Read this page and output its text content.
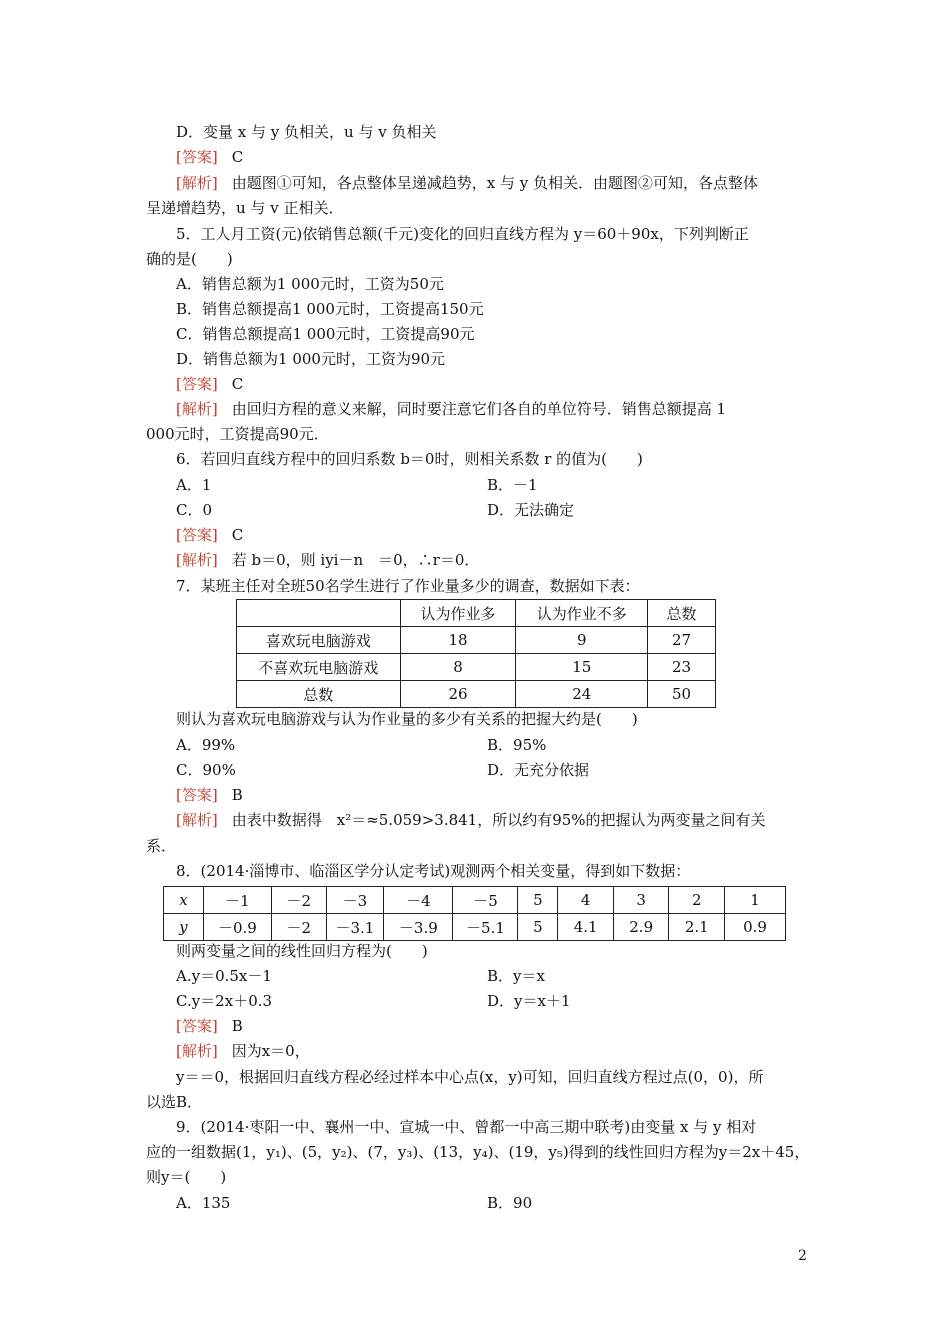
D．变量 x 与 y 负相关，u 与 v 负相关
[答案] C
[解析] 由题图①可知，各点整体呈递减趋势，x 与 y 负相关．由题图②可知，各点整体
呈递增趋势，u 与 v 正相关．
5．工人月工资(元)依销售总额(千元)变化的回归直线方程为 y＝60＋90x，下列判断正
确的是(　　)
A．销售总额为1 000元时，工资为50元
B．销售总额提高1 000元时，工资提高150元
C．销售总额提高1 000元时，工资提高90元
D．销售总额为1 000元时，工资为90元
[答案] C
[解析] 由回归方程的意义来解，同时要注意它们各自的单位符号．销售总额提高 1
000元时，工资提高90元．
6．若回归直线方程中的回归系数 b＝0时，则相关系数 r 的值为(　　)
A．1	B．－1
C．0	D．无法确定
[答案] C
[解析] 若 b＝0，则 iyi－n　＝0，∴r＝0．
7．某班主任对全班50名学生进行了作业量多少的调查，数据如下表：
	认为作业多	认为作业不多	总数
喜欢玩电脑游戏	18	9	27
不喜欢玩电脑游戏	8	15	23
总数	26	24	50
则认为喜欢玩电脑游戏与认为作业量的多少有关系的把握大约是(　　)
A．99%	B．95%
C．90%	D．无充分依据
[答案] B
[解析] 由表中数据得　x²＝≈5.059>3.841，所以约有95%的把握认为两变量之间有关
系．
8．(2014·淄博市、临淄区学分认定考试)观测两个相关变量，得到如下数据：
x	－1	－2	－3	－4	－5	5	4	3	2	1
y	－0.9	－2	－3.1	－3.9	－5.1	5	4.1	2.9	2.1	0.9
则两变量之间的线性回归方程为(　　)
A.y＝0.5x－1	B．y＝x
C.y＝2x＋0.3	D．y＝x＋1
[答案] B
[解析] 因为x＝0，
y＝＝0，根据回归直线方程必经过样本中心点(x，y)可知，回归直线方程过点(0，0)，所
以选B．
9．(2014·枣阳一中、襄州一中、宣城一中、曾都一中高三期中联考)由变量 x 与 y 相对
应的一组数据(1，y₁)、(5，y₂)、(7，y₃)、(13，y₄)、(19，y₅)得到的线性回归方程为y＝2x＋45，
则y＝(　　)
A．135	B．90
2
